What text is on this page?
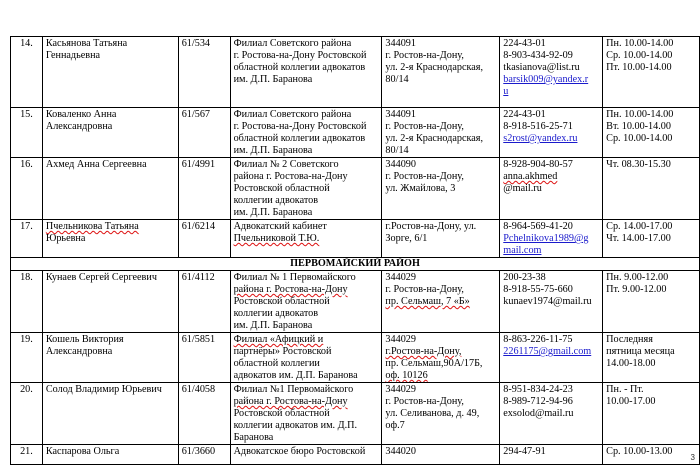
14.	Касьянова Татьяна
Геннадьевна	61/534	Филиал Советского района
г. Ростова-на-Дону Ростовской
областной коллегии адвокатов
им. Д.П. Баранова	344091
г. Ростов-на-Дону,
ул. 2-я Краснодарская,
80/14	224-43-01
8-903-434-92-09
tkasianova@list.ru
barsik009@yandex.r
u	Пн. 10.00-14.00
Ср. 10.00-14.00
Пт. 10.00-14.00

15.	Коваленко Анна
Александровна	61/567	Филиал Советского района
г. Ростова-на-Дону Ростовской
областной коллегии адвокатов
им. Д.П. Баранова	344091
г. Ростов-на-Дону,
ул. 2-я Краснодарская,
80/14	224-43-01
8-918-516-25-71
s2rost@yandex.ru	Пн. 10.00-14.00
Вт. 10.00-14.00
Ср. 10.00-14.00

16.	Ахмед Анна Сергеевна	61/4991	Филиал № 2 Советского
района г. Ростова-на-Дону
Ростовской областной
коллегии адвокатов
им. Д.П. Баранова	344090
г. Ростов-на-Дону,
ул. Жмайлова, 3	8-928-904-80-57
anna.akhmed
@mail.ru	Чт. 08.30-15.30

17.	Пчельникова Татьяна
Юрьевна	61/6214	Адвокатский кабинет
Пчельниковой Т.Ю.	г.Ростов-на-Дону, ул.
Зорге, 6/1	8-964-569-41-20
Pchelnikova1989@g
mail.com	Ср. 14.00-17.00
Чт. 14.00-17.00

ПЕРВОМАЙСКИЙ РАЙОН						
18.	Кунаев Сергей Сергеевич	61/4112	Филиал № 1 Первомайского
района г. Ростова-на-Дону
Ростовской областной
коллегии адвокатов
им. Д.П. Баранова	344029
г. Ростов-на-Дону,
пр. Сельмаш, 7 «Б»	200-23-38
8-918-55-75-660
kunaev1974@mail.ru	Пн. 9.00-12.00
Пт. 9.00-12.00

19.	Кошель Виктория
Александровна	61/5851	Филиал «Афицкий и
партнёры» Ростовской
областной коллегии
адвокатов им. Д.П. Баранова	344029
г.Ростов-на-Дону,
пр. Сельмаш,90А/17Б,
оф. 10126	8-863-226-11-75
2261175@gmail.com	Последняя
пятница месяца
14.00-18.00

20.	Солод Владимир Юрьевич	61/4058	Филиал №1 Первомайского
района г. Ростова-на-Дону
Ростовской областной
коллегии адвокатов им. Д.П.
Баранова	344029
г. Ростов-на-Дону,
ул. Селиванова, д. 49,
оф.7	8-951-834-24-23
8-989-712-94-96
exsolod@mail.ru	Пн. - Пт.
10.00-17.00

21.	Каспарова Ольга	61/3660	Адвокатское бюро Ростовской	344020	294-47-91	Ср. 10.00-13.00
3
